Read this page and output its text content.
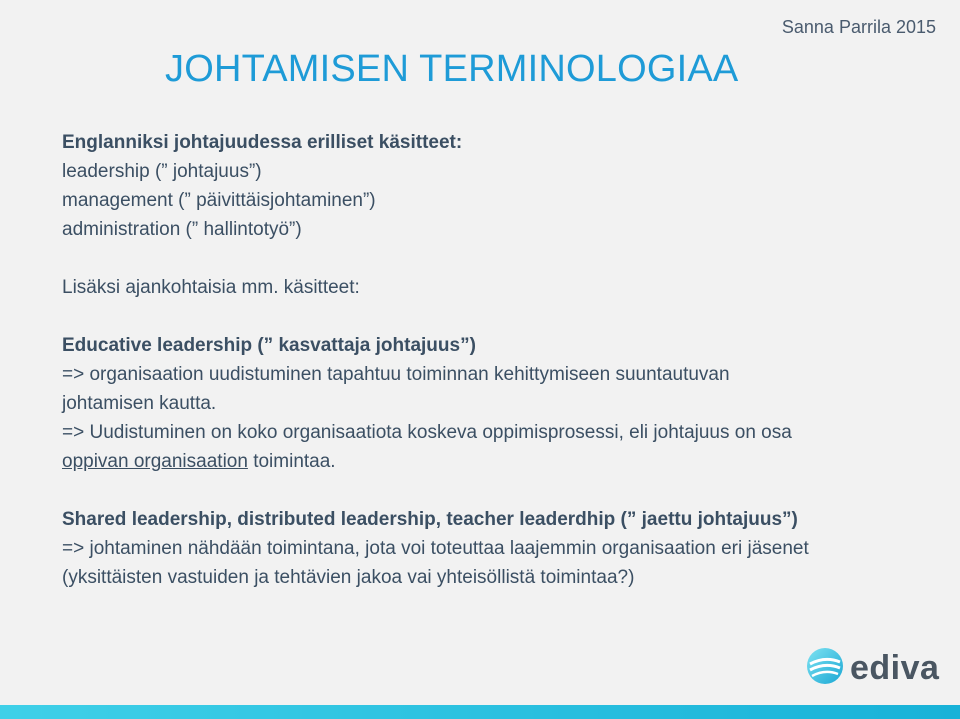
Sanna Parrila 2015
JOHTAMISEN TERMINOLOGIAA
Englanniksi johtajuudessa erilliset käsitteet:
leadership (” johtajuus”)
management (” päivittäisjohtaminen”)
administration (” hallintotyö”)
Lisäksi ajankohtaisia mm. käsitteet:
Educative leadership (” kasvattaja johtajuus”)
=> organisaation uudistuminen tapahtuu toiminnan kehittymiseen suuntautuvan
johtamisen kautta.
=> Uudistuminen on koko organisaatiota koskeva oppimisprosessi, eli johtajuus on osa
oppivan organisaation toimintaa.
Shared leadership, distributed leadership, teacher leaderdhip (” jaettu johtajuus”)
=> johtaminen nähdään toimintana, jota voi toteuttaa laajemmin organisaation eri jäsenet
(yksittäisten vastuiden ja tehtävien jakoa vai yhteisöllistä toimintaa?)
ediva
